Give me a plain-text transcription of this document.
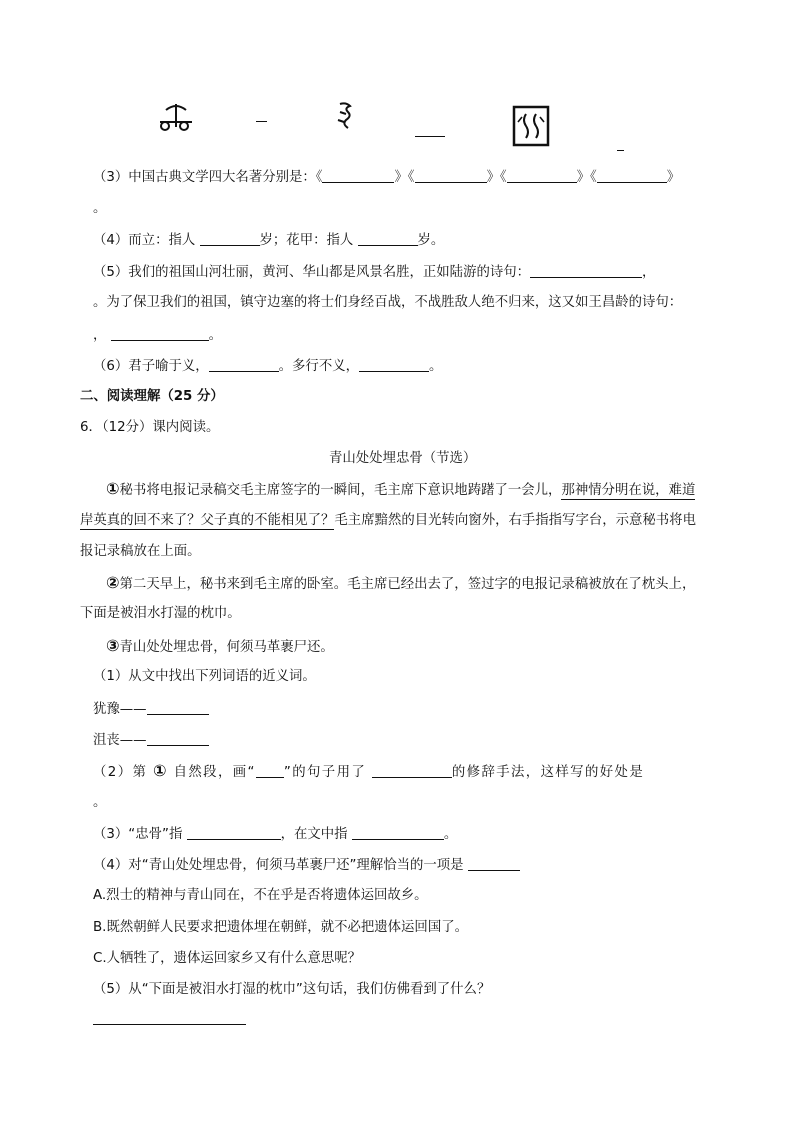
（3）中国古典文学四大名著分别是：《	》《	》《	》《	》
。
（4）而立：指人	岁；花甲：指人	岁。
（5）我们的祖国山河壮丽，黄河、华山都是风景名胜，正如陆游的诗句：	，
。为了保卫我们的祖国，镇守边塞的将士们身经百战，不战胜敌人绝不归来，这又如王昌龄的诗句：
，	。
（6）君子喻于义，	。多行不义，	。
二、阅读理解（25 分）
6．（12分）课内阅读。
青山处处埋忠骨（节选）
①秘书将电报记录稿交毛主席签字的一瞬间，毛主席下意识地踌躇了一会儿，那神情分明在说，难道
岸英真的回不来了？父子真的不能相见了？毛主席黯然的目光转向窗外，右手指指写字台，示意秘书将电
报记录稿放在上面。
②第二天早上，秘书来到毛主席的卧室。毛主席已经出去了，签过字的电报记录稿被放在了枕头上，
下面是被泪水打湿的枕巾。
③青山处处埋忠骨，何须马革裹尸还。
（1）从文中找出下列词语的近义词。
犹豫——
沮丧——
（2）第 ① 自然段，画“ ”的句子用了	的修辞手法，这样写的好处是
。
（3）“忠骨”指	，在文中指	。
（4）对“青山处处埋忠骨，何须马革裹尸还”理解恰当的一项是
A.烈士的精神与青山同在，不在乎是否将遗体运回故乡。
B.既然朝鲜人民要求把遗体埋在朝鲜，就不必把遗体运回国了。
C.人牺牲了，遗体运回家乡又有什么意思呢？
（5）从“下面是被泪水打湿的枕巾”这句话，我们仿佛看到了什么？
